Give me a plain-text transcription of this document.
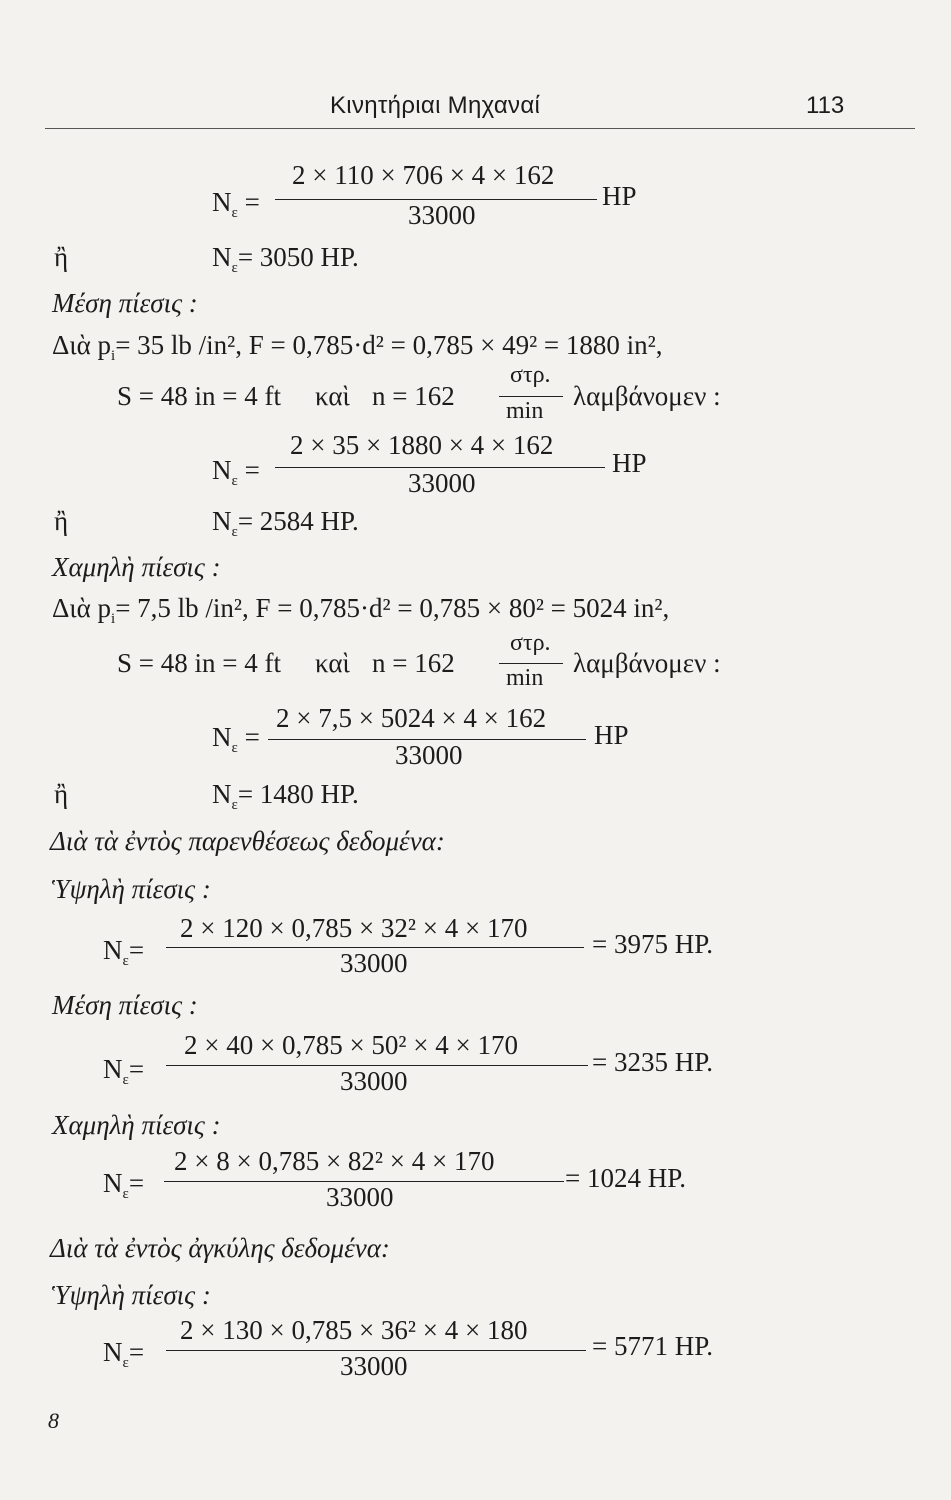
Κινητήριαι Μηχαναί	113
$N_\varepsilon$ =
2 × 110 × 706 × 4 × 162
33000
HP
ἢ	$N_\varepsilon= 3050$ HP.
Μέση πίεσις :
Διὰ $p_i= 35$ lb /in², F = 0,785·d² = 0,785 × 49² = 1880 in²,
S = 48 in = 4 ft καὶ n = 162
στρ.
min λαμβάνομεν :
$N_\varepsilon$ =
2 × 35 × 1880 × 4 × 162
33000
HP
ἢ	$N_\varepsilon= 2584$ HP.
Χαμηλὴ πίεσις :
Διὰ $p_i= 7,5$ lb /in², F = 0,785·d² = 0,785 × 80² = 5024 in²,
S = 48 in = 4 ft καὶ n = 162
στρ.
min λαμβάνομεν :
$N_\varepsilon$ =
2 × 7,5 × 5024 × 4 × 162
33000
HP
ἢ	$N_\varepsilon= 1480$ HP.
Διὰ τὰ ἐντὸς παρενθέσεως δεδομένα:
Ὑψηλὴ πίεσις :
$N_\varepsilon=$
2 × 120 × 0,785 × 32² × 4 × 170
33000
= 3975 HP.
Μέση πίεσις :
$N_\varepsilon=$
2 × 40 × 0,785 × 50² × 4 × 170
33000
= 3235 HP.
Χαμηλὴ πίεσις :
$N_\varepsilon=$
2 × 8 × 0,785 × 82² × 4 × 170
33000
= 1024 HP.
Διὰ τὰ ἐντὸς ἀγκύλης δεδομένα:
Ὑψηλὴ πίεσις :
$N_\varepsilon=$
2 × 130 × 0,785 × 36² × 4 × 180
33000
= 5771 HP.
8
